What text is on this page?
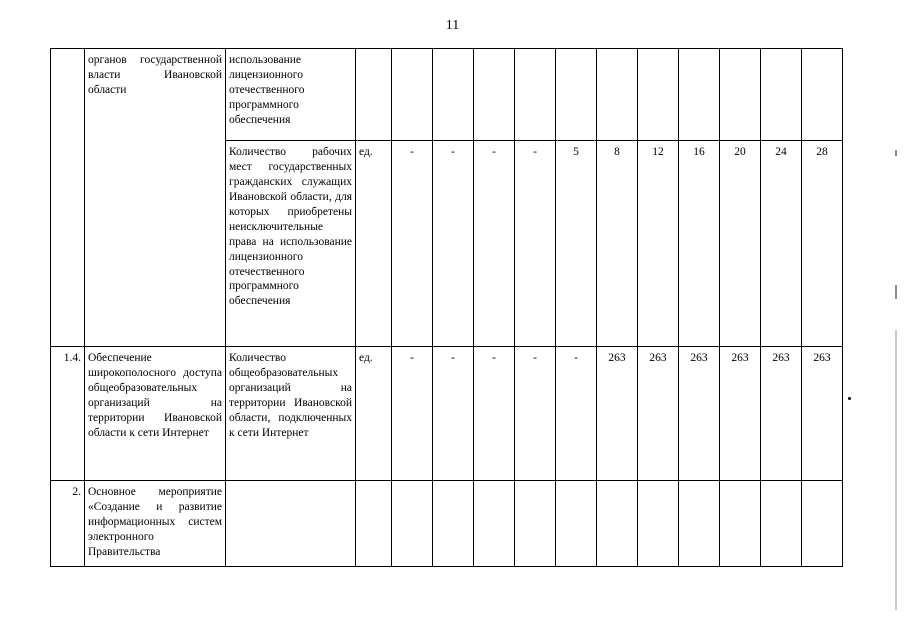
11
	органов государственной власти Ивановской области	использование лицензионного отечественного программного обеспечения												
		Количество рабочих мест государственных гражданских служащих Ивановской области, для которых приобретены неисключительные права на использование лицензионного отечественного программного обеспечения	ед.	-	-	-	-	5	8	12	16	20	24	28
1.4.	Обеспечение широкополосного доступа общеобразовательных организаций на территории Ивановской области к сети Интернет	Количество общеобразовательных организаций на территории Ивановской области, подключенных к сети Интернет	ед.	-	-	-	-	-	263	263	263	263	263	263
2.	Основное мероприятие «Создание и развитие информационных систем электронного Правительства													
